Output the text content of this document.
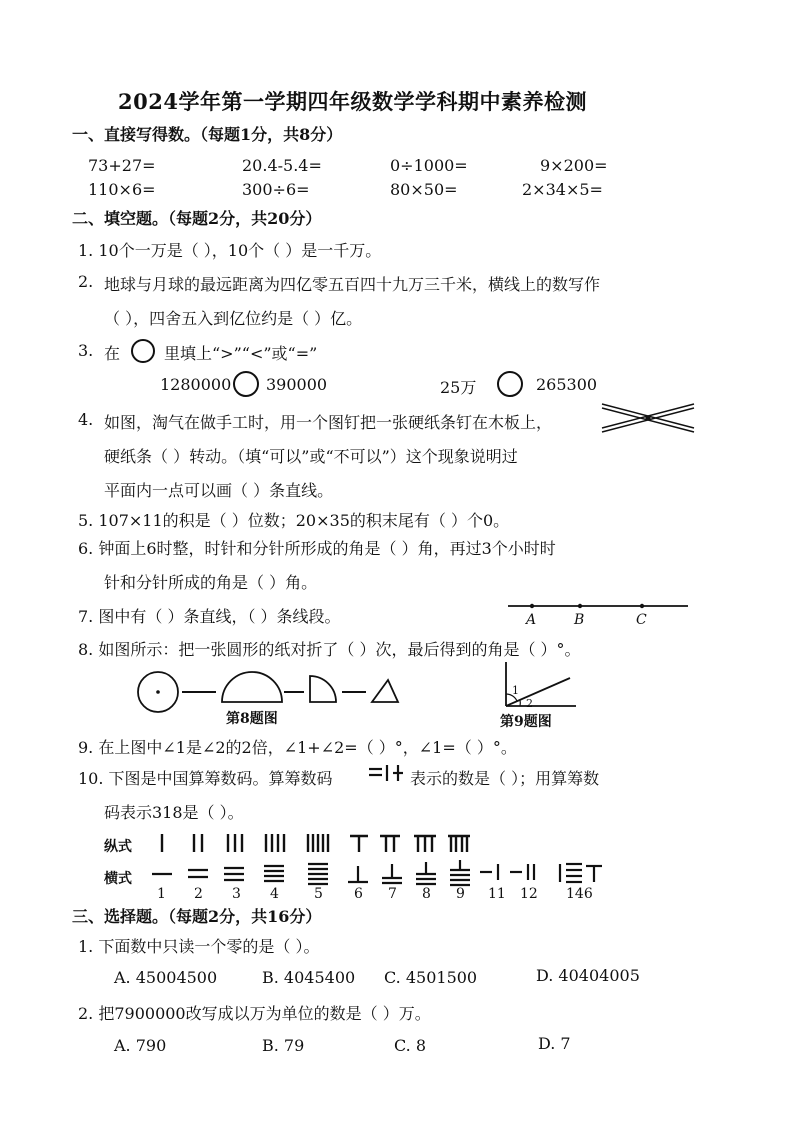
2024学年第一学期四年级数学学科期中素养检测
一、直接写得数。（每题1分，共8分）
73+27=	20.4-5.4=	0÷1000=	9×200=
110×6=	300÷6=	80×50=	2×34×5=
二、填空题。（每题2分，共20分）
1. 10个一万是（ ），10个（ ）是一千万。
2. 地球与月球的最远距离为四亿零五百四十九万三千米，横线上的数写作
（ ），四舍五入到亿位约是（ ）亿。
3. 在	里填上“>”“<”或“=”
1280000 390000	25万	265300
4. 如图，淘气在做手工时，用一个图钉把一张硬纸条钉在木板上，
硬纸条（ ）转动。（填“可以”或“不可以”）这个现象说明过
平面内一点可以画（ ）条直线。
5. 107×11的积是（ ）位数；20×35的积末尾有（ ）个0。
6. 钟面上6时整，时针和分针所形成的角是（ ）角，再过3个小时时
针和分针所成的角是（ ）角。
7. 图中有（ ）条直线，（ ）条线段。	A	B	C
8. 如图所示：把一张圆形的纸对折了（ ）次，最后得到的角是（ ）°。
第8题图
1
2
第9题图
9. 在上图中∠1是∠2的2倍，∠1+∠2=（ ）°，∠1=（ ）°。
10. 下图是中国算筹数码。算筹数码	表示的数是（ ）；用算筹数
码表示318是（ ）。
纵式
横式
1 2 3 4	5 6 7 8 9 11 12 146
三、选择题。（每题2分，共16分）
1. 下面数中只读一个零的是（ ）。
A. 45004500	B. 4045400 C. 4501500	D. 40404005
2. 把7900000改写成以万为单位的数是（ ）万。
A. 790	B. 79	C. 8	D. 7
